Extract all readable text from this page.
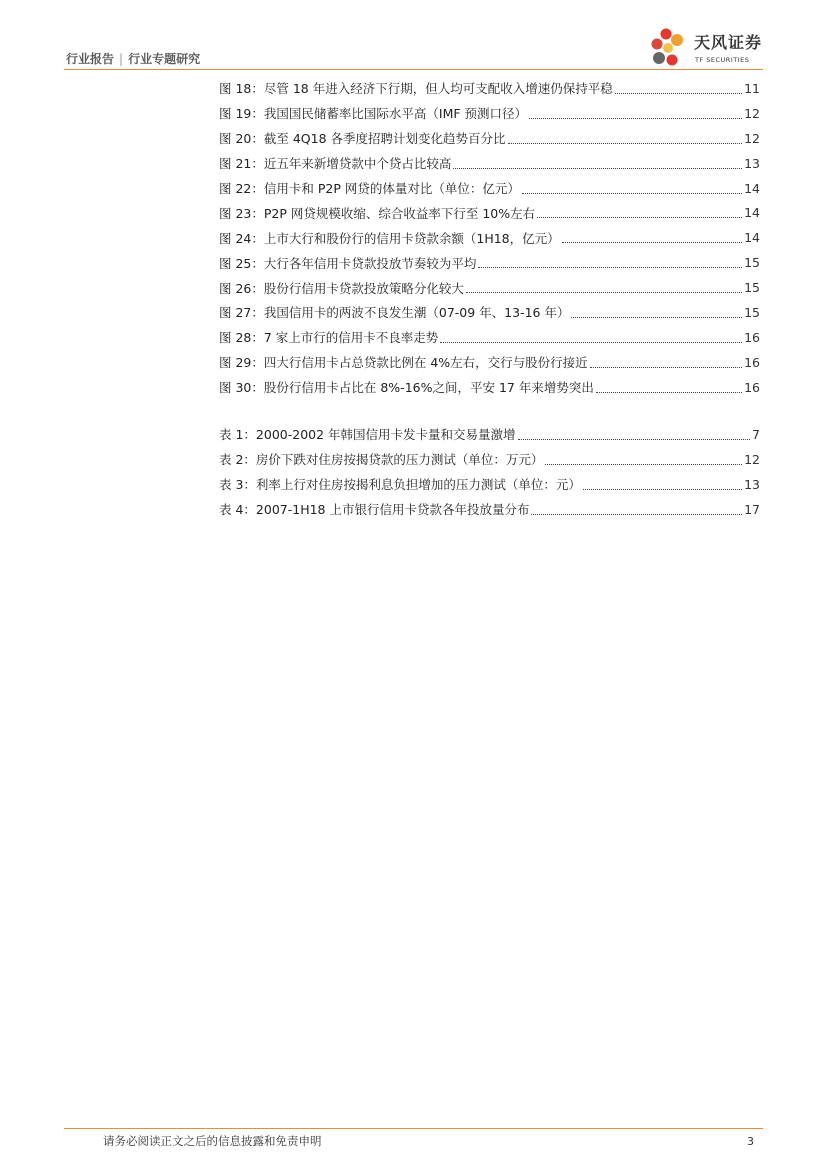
行业报告 | 行业专题研究
天风证券
TF SECURITIES
图 18：尽管 18 年进入经济下行期，但人均可支配收入增速仍保持平稳	11
图 19：我国国民储蓄率比国际水平高（IMF 预测口径）	12
图 20：截至 4Q18 各季度招聘计划变化趋势百分比	12
图 21：近五年来新增贷款中个贷占比较高	13
图 22：信用卡和 P2P 网贷的体量对比（单位：亿元）	14
图 23：P2P 网贷规模收缩、综合收益率下行至 10%左右	14
图 24：上市大行和股份行的信用卡贷款余额（1H18，亿元）	14
图 25：大行各年信用卡贷款投放节奏较为平均	15
图 26：股份行信用卡贷款投放策略分化较大	15
图 27：我国信用卡的两波不良发生潮（07-09 年、13-16 年）	15
图 28：7 家上市行的信用卡不良率走势	16
图 29：四大行信用卡占总贷款比例在 4%左右，交行与股份行接近	16
图 30：股份行信用卡占比在 8%-16%之间，平安 17 年来增势突出	16
表 1：2000-2002 年韩国信用卡发卡量和交易量激增	7
表 2：房价下跌对住房按揭贷款的压力测试（单位：万元）	12
表 3：利率上行对住房按揭利息负担增加的压力测试（单位：元）	13
表 4：2007-1H18 上市银行信用卡贷款各年投放量分布	17
请务必阅读正文之后的信息披露和免责申明	3
